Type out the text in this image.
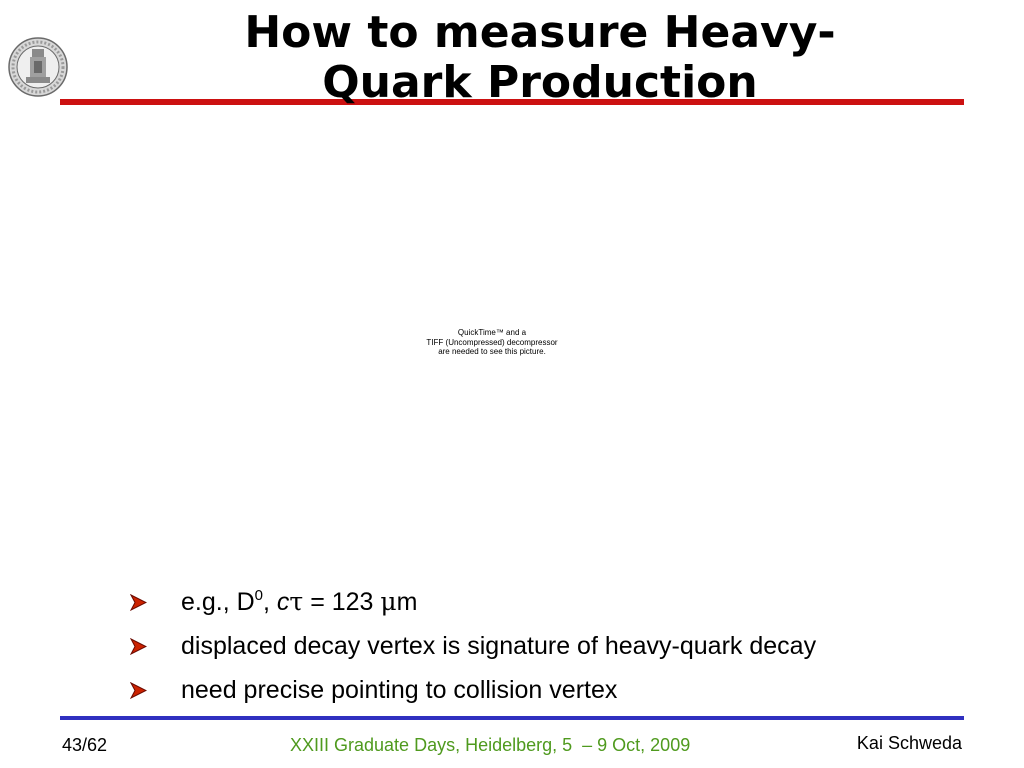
How to measure Heavy-
Quark Production
QuickTime™ and a
TIFF (Uncompressed) decompressor
are needed to see this picture.
e.g., $D^0$, cτ = 123 μm
displaced decay vertex is signature of heavy-quark decay
need precise pointing to collision vertex
43/62	XXIII Graduate Days, Heidelberg, 5  – 9 Oct, 2009	Kai Schweda
